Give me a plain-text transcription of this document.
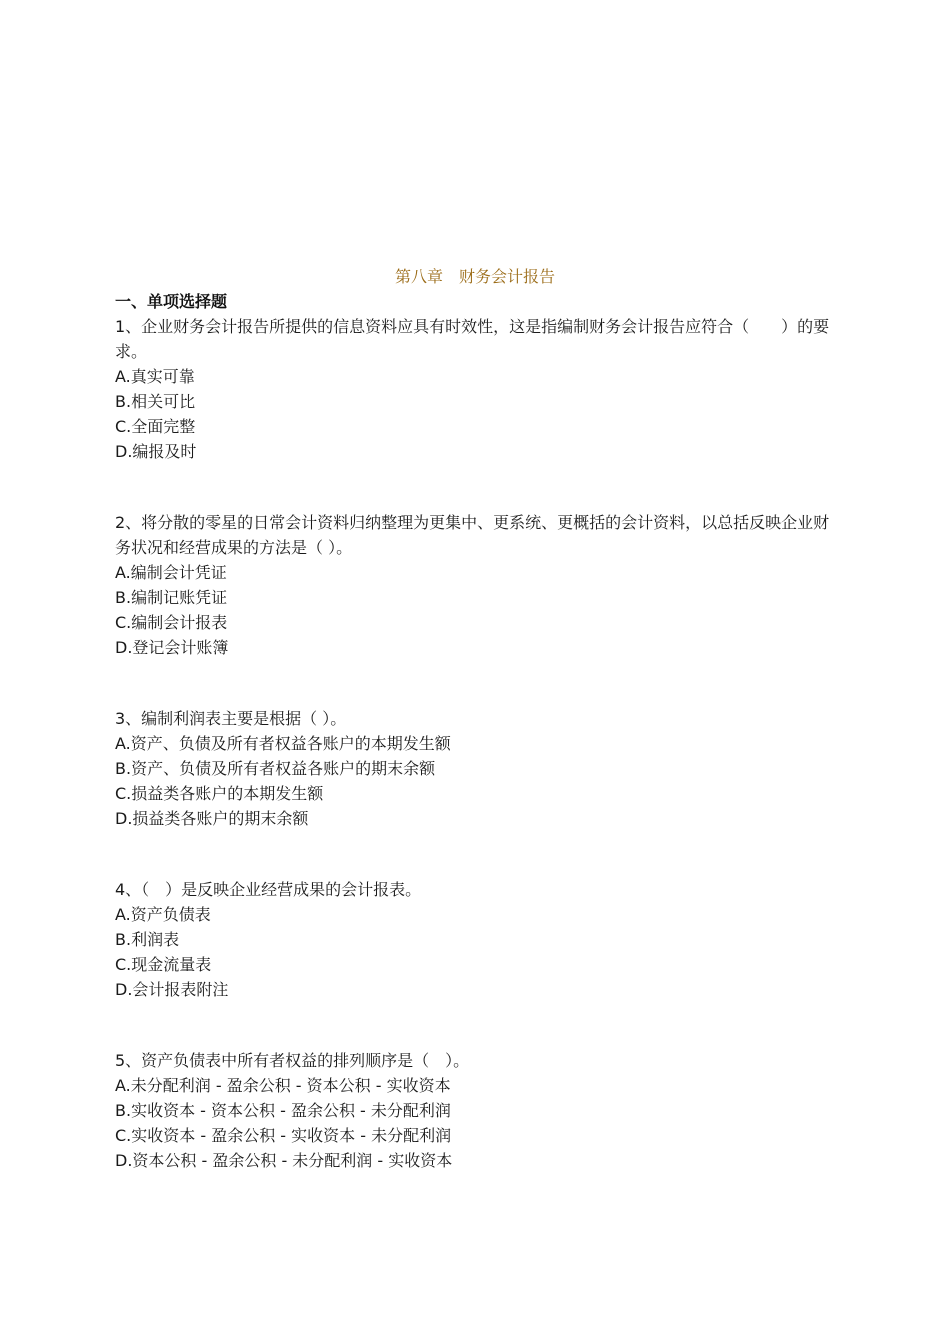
第八章　财务会计报告
一、单项选择题
1、企业财务会计报告所提供的信息资料应具有时效性，这是指编制财务会计报告应符合（　　）的要求。
A.真实可靠
B.相关可比
C.全面完整
D.编报及时
2、将分散的零星的日常会计资料归纳整理为更集中、更系统、更概括的会计资料，以总括反映企业财务状况和经营成果的方法是（ ）。
A.编制会计凭证
B.编制记账凭证
C.编制会计报表
D.登记会计账簿
3、编制利润表主要是根据（ ）。
A.资产、负债及所有者权益各账户的本期发生额
B.资产、负债及所有者权益各账户的期末余额
C.损益类各账户的本期发生额
D.损益类各账户的期末余额
4、（　）是反映企业经营成果的会计报表。
A.资产负债表
B.利润表
C.现金流量表
D.会计报表附注
5、资产负债表中所有者权益的排列顺序是（　）。
A.未分配利润 - 盈余公积 - 资本公积 - 实收资本
B.实收资本 - 资本公积 - 盈余公积 - 未分配利润
C.实收资本 - 盈余公积 - 实收资本 - 未分配利润
D.资本公积 - 盈余公积 - 未分配利润 - 实收资本
